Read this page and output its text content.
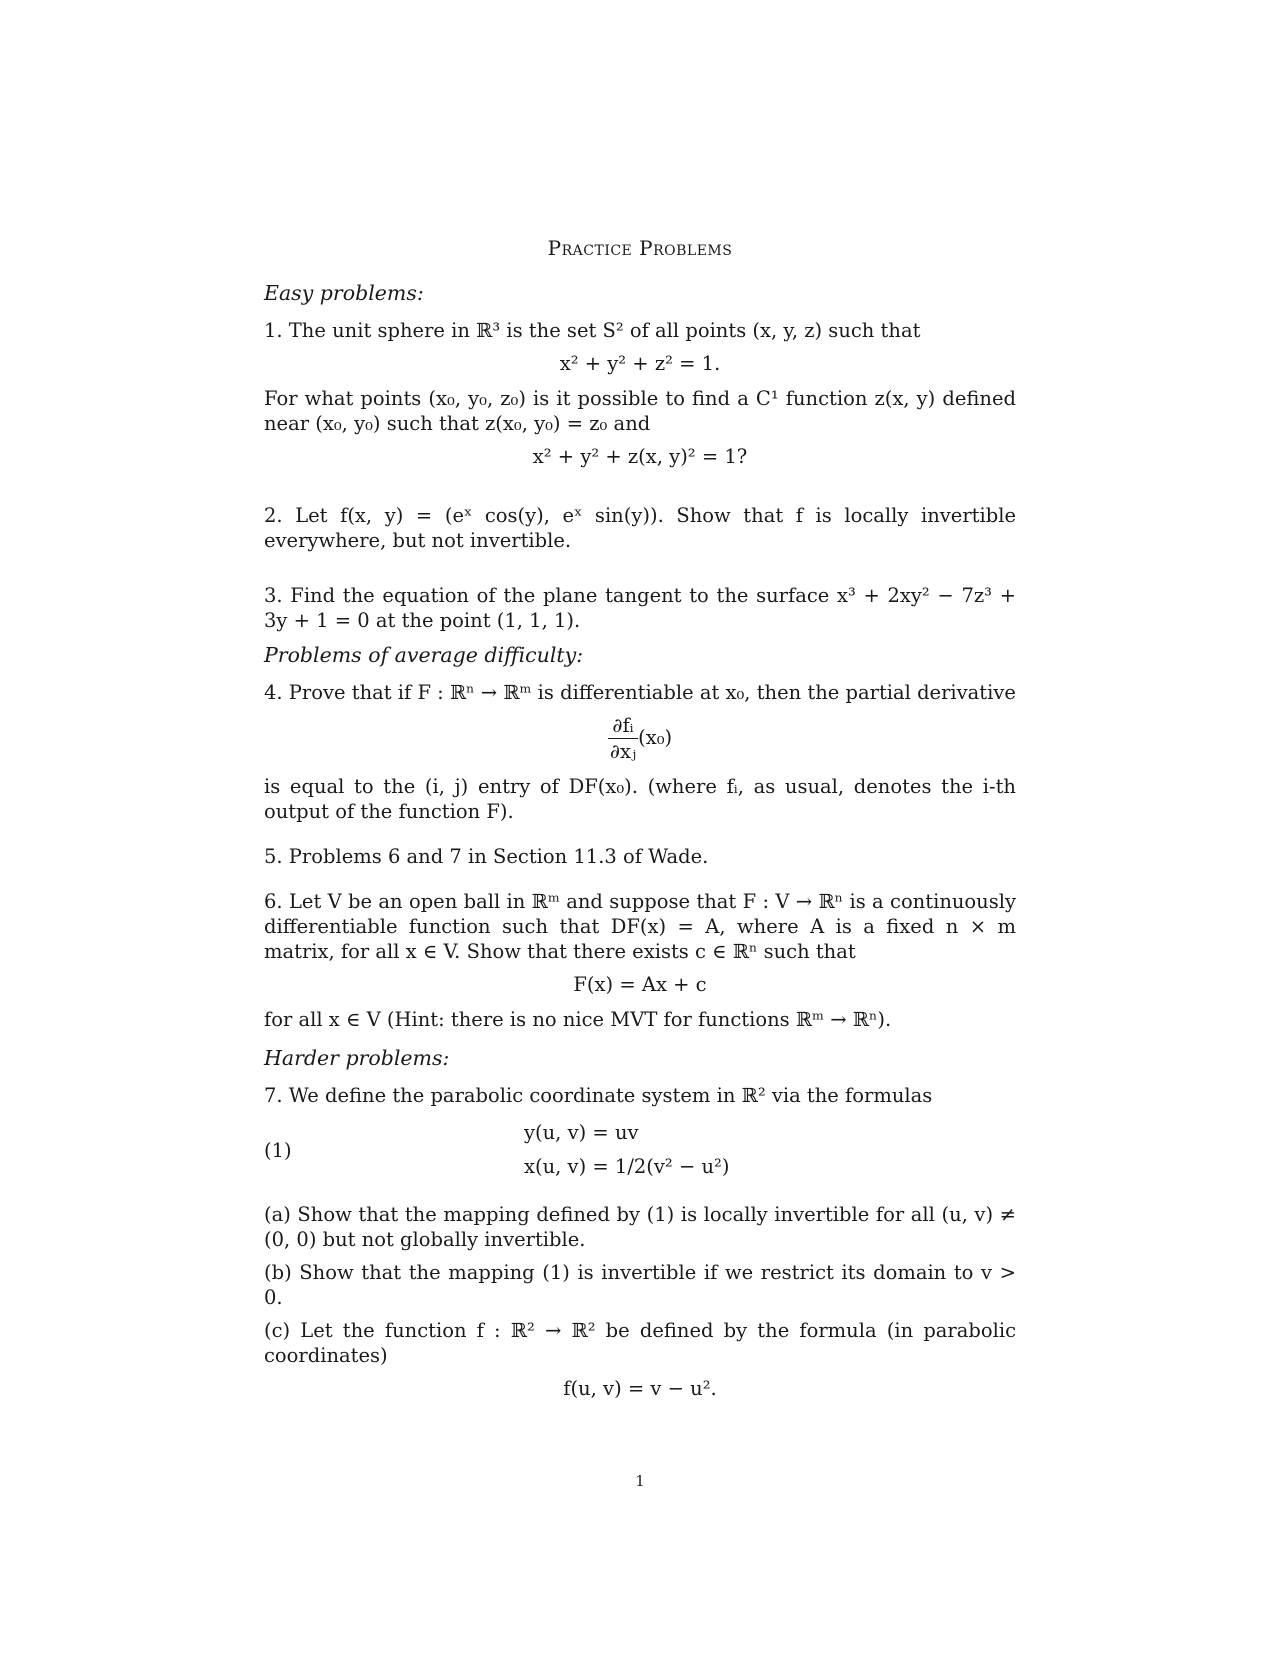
Practice Problems
Easy problems:

1. The unit sphere in ℝ³ is the set S² of all points (x, y, z) such that

x² + y² + z² = 1.

For what points (x₀, y₀, z₀) is it possible to find a C¹ function z(x, y) defined near (x₀, y₀) such that z(x₀, y₀) = z₀ and

x² + y² + z(x, y)² = 1?

2. Let f(x, y) = (eˣ cos(y), eˣ sin(y)). Show that f is locally invertible everywhere, but not invertible.

3. Find the equation of the plane tangent to the surface x³ + 2xy² − 7z³ + 3y + 1 = 0 at the point (1, 1, 1).

Problems of average difficulty:

4. Prove that if F : ℝⁿ → ℝᵐ is differentiable at x₀, then the partial derivative

$\frac{\text{∂fᵢ}}{\text{∂xⱼ}} (x_0)$

is equal to the (i, j) entry of DF(x₀). (where fᵢ, as usual, denotes the i-th output of the function F).

5. Problems 6 and 7 in Section 11.3 of Wade.

6. Let V be an open ball in ℝᵐ and suppose that F : V → ℝⁿ is a continuously differentiable function such that DF(x) = A, where A is a fixed n × m matrix, for all x ∈ V. Show that there exists c ∈ ℝⁿ such that

F(x) = Ax + c

for all x ∈ V (Hint: there is no nice MVT for functions ℝᵐ → ℝⁿ).

Harder problems:

7. We define the parabolic coordinate system in ℝ² via the formulas

(1)
y(u, v) = uv
x(u, v) = 1/2(v² − u²)

(a) Show that the mapping defined by (1) is locally invertible for all (u, v) ≠ (0, 0) but not globally invertible.

(b) Show that the mapping (1) is invertible if we restrict its domain to v > 0.

(c) Let the function f : ℝ² → ℝ² be defined by the formula (in parabolic coordinates)

f(u, v) = v − u².
1
